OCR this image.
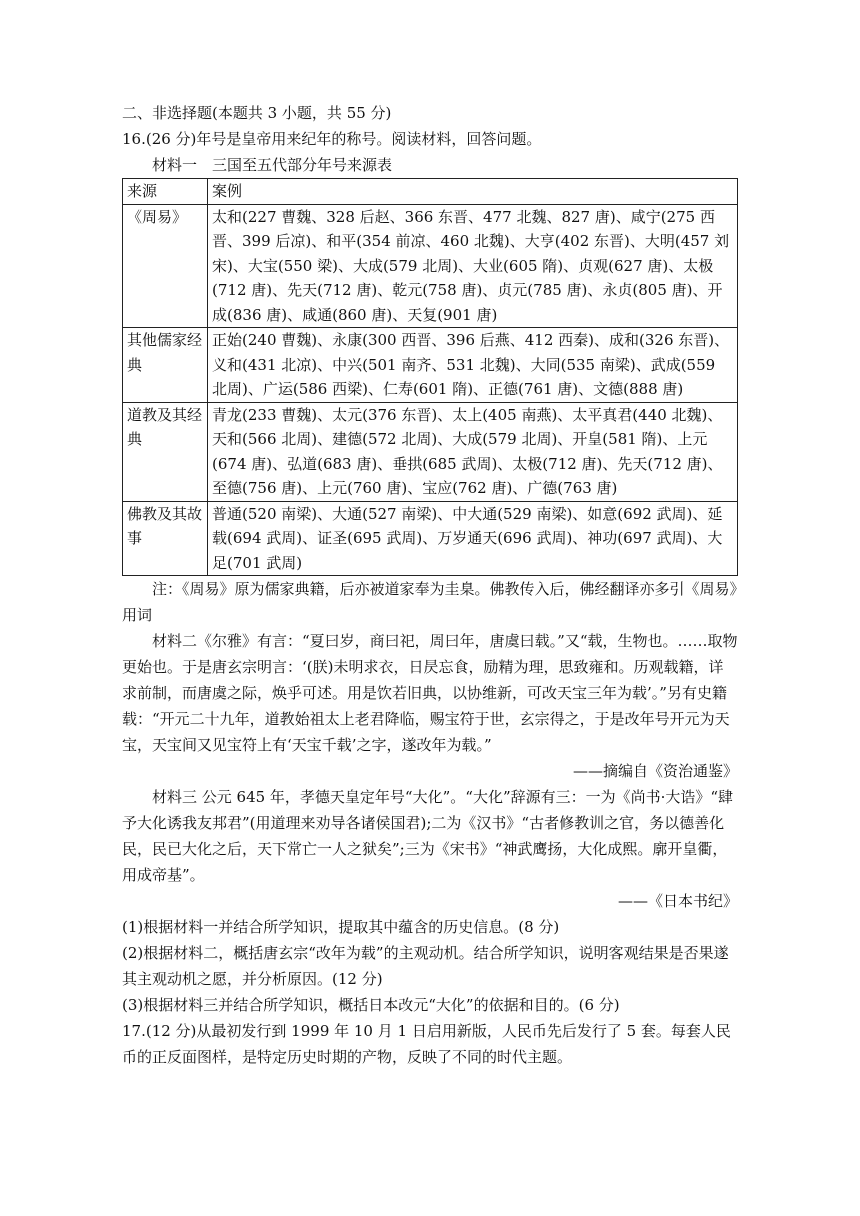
二、非选择题(本题共 3 小题，共 55 分)

16.(26 分)年号是皇帝用来纪年的称号。阅读材料，回答问题。

材料一　三国至五代部分年号来源表

来源	案例
《周易》	太和(227 曹魏、328 后赵、366 东晋、477 北魏、827 唐)、咸宁(275 西晋、399 后凉)、和平(354 前凉、460 北魏)、大亨(402 东晋)、大明(457 刘宋)、大宝(550 梁)、大成(579 北周)、大业(605 隋)、贞观(627 唐)、太极(712 唐)、先天(712 唐)、乾元(758 唐)、贞元(785 唐)、永贞(805 唐)、开成(836 唐)、咸通(860 唐)、天复(901 唐)
其他儒家经典	正始(240 曹魏)、永康(300 西晋、396 后燕、412 西秦)、成和(326 东晋)、义和(431 北凉)、中兴(501 南齐、531 北魏)、大同(535 南梁)、武成(559 北周)、广运(586 西梁)、仁寿(601 隋)、正德(761 唐)、文德(888 唐)
道教及其经典	青龙(233 曹魏)、太元(376 东晋)、太上(405 南燕)、太平真君(440 北魏)、天和(566 北周)、建德(572 北周)、大成(579 北周)、开皇(581 隋)、上元(674 唐)、弘道(683 唐)、垂拱(685 武周)、太极(712 唐)、先天(712 唐)、至德(756 唐)、上元(760 唐)、宝应(762 唐)、广德(763 唐)
佛教及其故事	普通(520 南梁)、大通(527 南梁)、中大通(529 南梁)、如意(692 武周)、延载(694 武周)、证圣(695 武周)、万岁通天(696 武周)、神功(697 武周)、大足(701 武周)

注：《周易》原为儒家典籍，后亦被道家奉为圭臬。佛教传入后，佛经翻译亦多引《周易》用词

材料二《尔雅》有言：“夏曰岁，商曰祀，周曰年，唐虞曰载。”又“载，生物也。……取物更始也。于是唐玄宗明言：‘(朕)未明求衣，日昃忘食，励精为理，思致雍和。历观载籍，详求前制，而唐虞之际，焕乎可述。用是饮若旧典，以协维新，可改天宝三年为载’。”另有史籍载：“开元二十九年，道教始祖太上老君降临，赐宝符于世，玄宗得之，于是改年号开元为天宝，天宝间又见宝符上有‘天宝千载’之字，遂改年为载。”

——摘编自《资治通鉴》

材料三 公元 645 年，孝德天皇定年号“大化”。“大化”辞源有三：一为《尚书·大诰》“肆予大化诱我友邦君”(用道理来劝导各诸侯国君);二为《汉书》“古者修教训之官，务以德善化民，民已大化之后，天下常亡一人之狱矣”;三为《宋书》“神武鹰扬，大化成熙。廓开皇衢，用成帝基”。

——《日本书纪》

(1)根据材料一并结合所学知识，提取其中蕴含的历史信息。(8 分)

(2)根据材料二，概括唐玄宗“改年为载”的主观动机。结合所学知识，说明客观结果是否果遂其主观动机之愿，并分析原因。(12 分)

(3)根据材料三并结合所学知识，概括日本改元“大化”的依据和目的。(6 分)

17.(12 分)从最初发行到 1999 年 10 月 1 日启用新版，人民币先后发行了 5 套。每套人民币的正反面图样，是特定历史时期的产物，反映了不同的时代主题。
